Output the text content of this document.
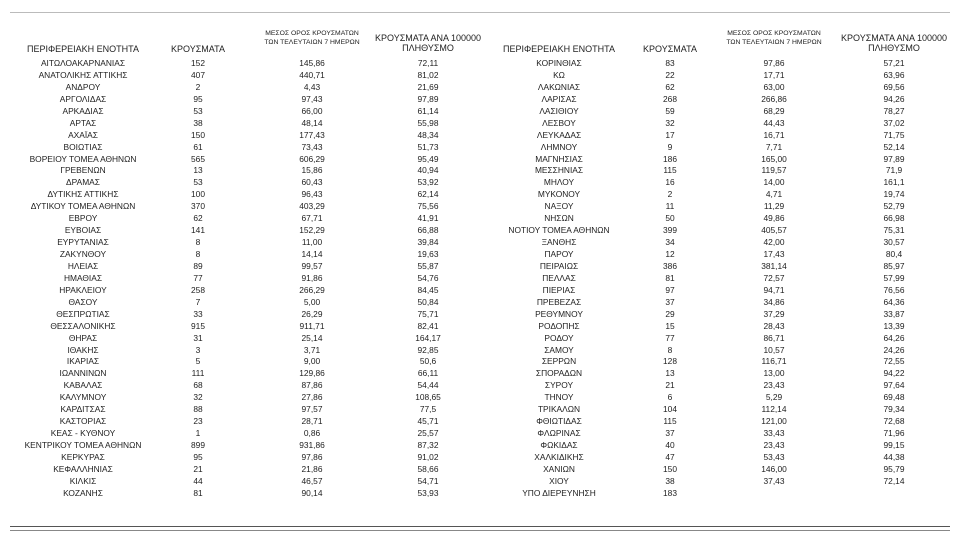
ΠΕΡΙΦΕΡΕΙΑΚΗ ΕΝΟΤΗΤΑ	ΚΡΟΥΣΜΑΤΑ
ΜΕΣΟΣ ΟΡΟΣ ΚΡΟΥΣΜΑΤΩΝ
ΤΩΝ ΤΕΛΕΥΤΑΙΩΝ 7 ΗΜΕΡΩΝ	ΚΡΟΥΣΜΑΤΑ ΑΝΑ 100000
ΠΛΗΘΥΣΜΟ
ΑΙΤΩΛΟΑΚΑΡΝΑΝΙΑΣ	152	145,86	72,11
ΑΝΑΤΟΛΙΚΗΣ ΑΤΤΙΚΗΣ	407	440,71	81,02
ΑΝΔΡΟΥ	2	4,43	21,69
ΑΡΓΟΛΙΔΑΣ	95	97,43	97,89
ΑΡΚΑΔΙΑΣ	53	66,00	61,14
ΑΡΤΑΣ	38	48,14	55,98
ΑΧΑΪΑΣ	150	177,43	48,34
ΒΟΙΩΤΙΑΣ	61	73,43	51,73
ΒΟΡΕΙΟΥ ΤΟΜΕΑ ΑΘΗΝΩΝ	565	606,29	95,49
ΓΡΕΒΕΝΩΝ	13	15,86	40,94
ΔΡΑΜΑΣ	53	60,43	53,92
ΔΥΤΙΚΗΣ ΑΤΤΙΚΗΣ	100	96,43	62,14
ΔΥΤΙΚΟΥ ΤΟΜΕΑ ΑΘΗΝΩΝ	370	403,29	75,56
ΕΒΡΟΥ	62	67,71	41,91
ΕΥΒΟΙΑΣ	141	152,29	66,88
ΕΥΡΥΤΑΝΙΑΣ	8	11,00	39,84
ΖΑΚΥΝΘΟΥ	8	14,14	19,63
ΗΛΕΙΑΣ	89	99,57	55,87
ΗΜΑΘΙΑΣ	77	91,86	54,76
ΗΡΑΚΛΕΙΟΥ	258	266,29	84,45
ΘΑΣΟΥ	7	5,00	50,84
ΘΕΣΠΡΩΤΙΑΣ	33	26,29	75,71
ΘΕΣΣΑΛΟΝΙΚΗΣ	915	911,71	82,41
ΘΗΡΑΣ	31	25,14	164,17
ΙΘΑΚΗΣ	3	3,71	92,85
ΙΚΑΡΙΑΣ	5	9,00	50,6
ΙΩΑΝΝΙΝΩΝ	111	129,86	66,11
ΚΑΒΑΛΑΣ	68	87,86	54,44
ΚΑΛΥΜΝΟΥ	32	27,86	108,65
ΚΑΡΔΙΤΣΑΣ	88	97,57	77,5
ΚΑΣΤΟΡΙΑΣ	23	28,71	45,71
ΚΕΑΣ - ΚΥΘΝΟΥ	1	0,86	25,57
ΚΕΝΤΡΙΚΟΥ ΤΟΜΕΑ ΑΘΗΝΩΝ	899	931,86	87,32
ΚΕΡΚΥΡΑΣ	95	97,86	91,02
ΚΕΦΑΛΛΗΝΙΑΣ	21	21,86	58,66
ΚΙΛΚΙΣ	44	46,57	54,71
ΚΟΖΑΝΗΣ	81	90,14	53,93
ΠΕΡΙΦΕΡΕΙΑΚΗ ΕΝΟΤΗΤΑ	ΚΡΟΥΣΜΑΤΑ
ΜΕΣΟΣ ΟΡΟΣ ΚΡΟΥΣΜΑΤΩΝ
ΤΩΝ ΤΕΛΕΥΤΑΙΩΝ 7 ΗΜΕΡΩΝ	ΚΡΟΥΣΜΑΤΑ ΑΝΑ 100000
ΠΛΗΘΥΣΜΟ
ΚΟΡΙΝΘΙΑΣ	83	97,86	57,21
ΚΩ	22	17,71	63,96
ΛΑΚΩΝΙΑΣ	62	63,00	69,56
ΛΑΡΙΣΑΣ	268	266,86	94,26
ΛΑΣΙΘΙΟΥ	59	68,29	78,27
ΛΕΣΒΟΥ	32	44,43	37,02
ΛΕΥΚΑΔΑΣ	17	16,71	71,75
ΛΗΜΝΟΥ	9	7,71	52,14
ΜΑΓΝΗΣΙΑΣ	186	165,00	97,89
ΜΕΣΣΗΝΙΑΣ	115	119,57	71,9
ΜΗΛΟΥ	16	14,00	161,1
ΜΥΚΟΝΟΥ	2	4,71	19,74
ΝΑΞΟΥ	11	11,29	52,79
ΝΗΣΩΝ	50	49,86	66,98
ΝΟΤΙΟΥ ΤΟΜΕΑ ΑΘΗΝΩΝ	399	405,57	75,31
ΞΑΝΘΗΣ	34	42,00	30,57
ΠΑΡΟΥ	12	17,43	80,4
ΠΕΙΡΑΙΩΣ	386	381,14	85,97
ΠΕΛΛΑΣ	81	72,57	57,99
ΠΙΕΡΙΑΣ	97	94,71	76,56
ΠΡΕΒΕΖΑΣ	37	34,86	64,36
ΡΕΘΥΜΝΟΥ	29	37,29	33,87
ΡΟΔΟΠΗΣ	15	28,43	13,39
ΡΟΔΟΥ	77	86,71	64,26
ΣΑΜΟΥ	8	10,57	24,26
ΣΕΡΡΩΝ	128	116,71	72,55
ΣΠΟΡΑΔΩΝ	13	13,00	94,22
ΣΥΡΟΥ	21	23,43	97,64
ΤΗΝΟΥ	6	5,29	69,48
ΤΡΙΚΑΛΩΝ	104	112,14	79,34
ΦΘΙΩΤΙΔΑΣ	115	121,00	72,68
ΦΛΩΡΙΝΑΣ	37	33,43	71,96
ΦΩΚΙΔΑΣ	40	23,43	99,15
ΧΑΛΚΙΔΙΚΗΣ	47	53,43	44,38
ΧΑΝΙΩΝ	150	146,00	95,79
ΧΙΟΥ	38	37,43	72,14
ΥΠΟ ΔΙΕΡΕΥΝΗΣΗ	183
